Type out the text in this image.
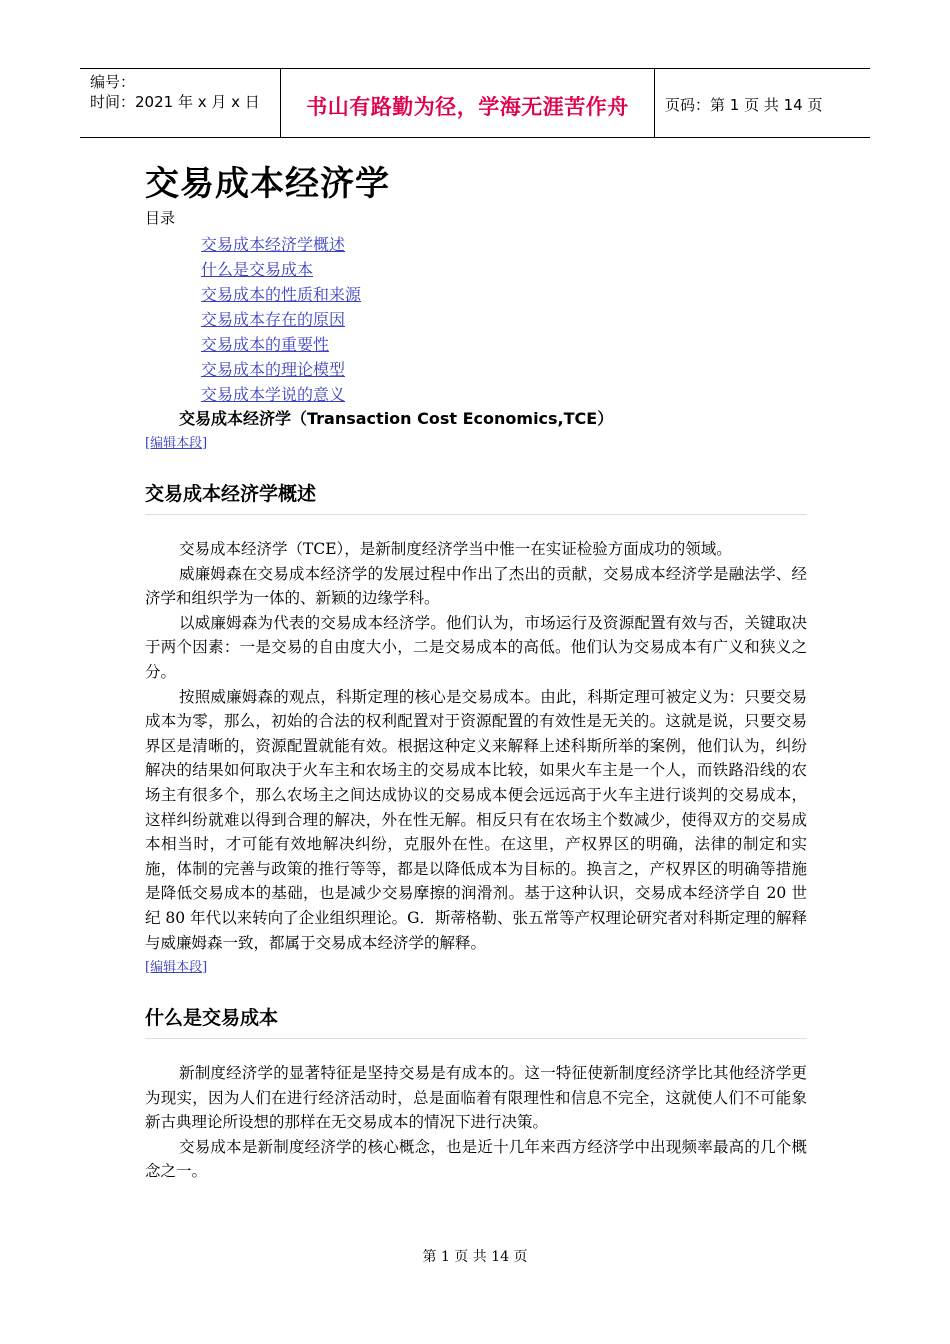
编号：
时间：2021 年 x 月 x 日	书山有路勤为径，学海无涯苦作舟	页码：第 1 页 共 14 页
交易成本经济学
目录
交易成本经济学概述
什么是交易成本
交易成本的性质和来源
交易成本存在的原因
交易成本的重要性
交易成本的理论模型
交易成本学说的意义
交易成本经济学（Transaction Cost Economics,TCE）
[编辑本段]
交易成本经济学概述

交易成本经济学（TCE），是新制度经济学当中惟一在实证检验方面成功的领域。

威廉姆森在交易成本经济学的发展过程中作出了杰出的贡献，交易成本经济学是融法学、经济学和组织学为一体的、新颖的边缘学科。

以威廉姆森为代表的交易成本经济学。他们认为，市场运行及资源配置有效与否，关键取决于两个因素：一是交易的自由度大小，二是交易成本的高低。他们认为交易成本有广义和狭义之分。

按照威廉姆森的观点，科斯定理的核心是交易成本。由此，科斯定理可被定义为：只要交易成本为零，那么，初始的合法的权利配置对于资源配置的有效性是无关的。这就是说，只要交易界区是清晰的，资源配置就能有效。根据这种定义来解释上述科斯所举的案例，他们认为，纠纷解决的结果如何取决于火车主和农场主的交易成本比较，如果火车主是一个人，而铁路沿线的农场主有很多个，那么农场主之间达成协议的交易成本便会远远高于火车主进行谈判的交易成本，这样纠纷就难以得到合理的解决，外在性无解。相反只有在农场主个数减少，使得双方的交易成本相当时，才可能有效地解决纠纷，克服外在性。在这里，产权界区的明确，法律的制定和实施，体制的完善与政策的推行等等，都是以降低成本为目标的。换言之，产权界区的明确等措施是降低交易成本的基础，也是减少交易摩擦的润滑剂。基于这种认识，交易成本经济学自 20 世纪 80 年代以来转向了企业组织理论。G．斯蒂格勒、张五常等产权理论研究者对科斯定理的解释与威廉姆森一致，都属于交易成本经济学的解释。

[编辑本段]
什么是交易成本

新制度经济学的显著特征是坚持交易是有成本的。这一特征使新制度经济学比其他经济学更为现实，因为人们在进行经济活动时，总是面临着有限理性和信息不完全，这就使人们不可能象新古典理论所设想的那样在无交易成本的情况下进行决策。

交易成本是新制度经济学的核心概念，也是近十几年来西方经济学中出现频率最高的几个概念之一。

第 1 页 共 14 页
